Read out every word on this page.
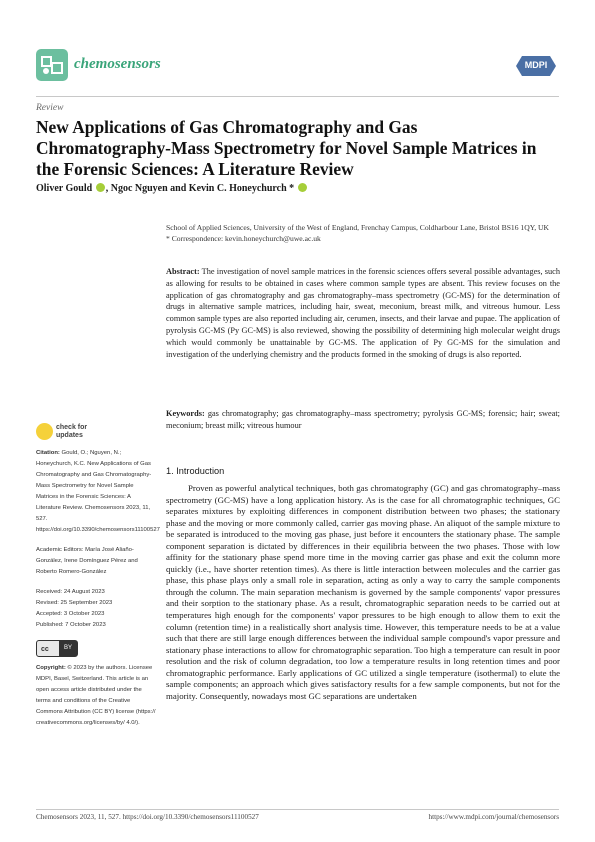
chemosensors	MDPI
Review
New Applications of Gas Chromatography and Gas Chromatography-Mass Spectrometry for Novel Sample Matrices in the Forensic Sciences: A Literature Review
Oliver Gould , Ngoc Nguyen and Kevin C. Honeychurch *
School of Applied Sciences, University of the West of England, Frenchay Campus, Coldharbour Lane, Bristol BS16 1QY, UK
* Correspondence: kevin.honeychurch@uwe.ac.uk
Abstract: The investigation of novel sample matrices in the forensic sciences offers several possible advantages, such as allowing for results to be obtained in cases where common sample types are absent. This review focuses on the application of gas chromatography and gas chromatography–mass spectrometry (GC-MS) for the determination of drugs in alternative sample matrices, including hair, sweat, meconium, breast milk, and vitreous humour. Less common sample types are also reported including air, cerumen, insects, and their larvae and pupae. The application of pyrolysis GC-MS (Py GC-MS) is also reviewed, showing the possibility of determining high molecular weight drugs which would commonly be unattainable by GC-MS. The application of Py GC-MS for the simulation and investigation of the underlying chemistry and the products formed in the smoking of drugs is also reported.
Keywords: gas chromatography; gas chromatography–mass spectrometry; pyrolysis GC-MS; forensic; hair; sweat; meconium; breast milk; vitreous humour
check for updates

Citation: Gould, O.; Nguyen, N.; Honeychurch, K.C. New Applications of Gas Chromatography and Gas Chromatography-Mass Spectrometry for Novel Sample Matrices in the Forensic Sciences: A Literature Review. Chemosensors 2023, 11, 527. https://doi.org/10.3390/chemosensors11100527

Academic Editors: María José Aliaño-González, Irene Domínguez Pérez and Roberto Romero-González

Received: 24 August 2023

Revised: 25 September 2023

Accepted: 3 October 2023

Published: 7 October 2023

cc	BY

Copyright: © 2023 by the authors. Licensee MDPI, Basel, Switzerland. This article is an open access article distributed under the terms and conditions of the Creative Commons Attribution (CC BY) license (https:// creativecommons.org/licenses/by/ 4.0/).

1. Introduction
Proven as powerful analytical techniques, both gas chromatography (GC) and gas chromatography–mass spectrometry (GC-MS) have a long application history. As is the case for all chromatographic techniques, GC separates mixtures by exploiting differences in component distribution between two phases; the stationary phase and the moving or more commonly called, carrier gas moving phase. An aliquot of the sample mixture to be separated is introduced to the moving gas phase, just before it encounters the stationary phase. The sample component separation is dictated by differences in their equilibria between the two phases. Those with low affinity for the stationary phase spend more time in the moving carrier gas phase and exit the column more quickly (i.e., have shorter retention times). As there is little interaction between molecules and the carrier gas phase, this phase plays only a small role in separation, acting as only a way to carry the sample components through the column. The main separation mechanism is governed by the sample components' vapor pressures and their sorption to the stationary phase. As a result, chromatographic separation needs to be carried out at temperatures high enough for the components' vapor pressures to be high enough to allow them to exit the column (retention time) in a realistically short analysis time. However, this temperature needs to be at a value such that there are still large enough differences between the individual sample compound's vapor pressure and stationary phase interactions to allow for chromatographic separation. Too high a temperature can result in poor resolution and the risk of column degradation, too low a temperature results in long retention times and poor chromatographic performance. Early applications of GC utilized a single temperature (isothermal) to elute the sample components; an approach which gives satisfactory results for a few sample components, but not for the majority. Consequently, nowadays most GC separations are undertaken
Chemosensors 2023, 11, 527. https://doi.org/10.3390/chemosensors11100527	https://www.mdpi.com/journal/chemosensors
